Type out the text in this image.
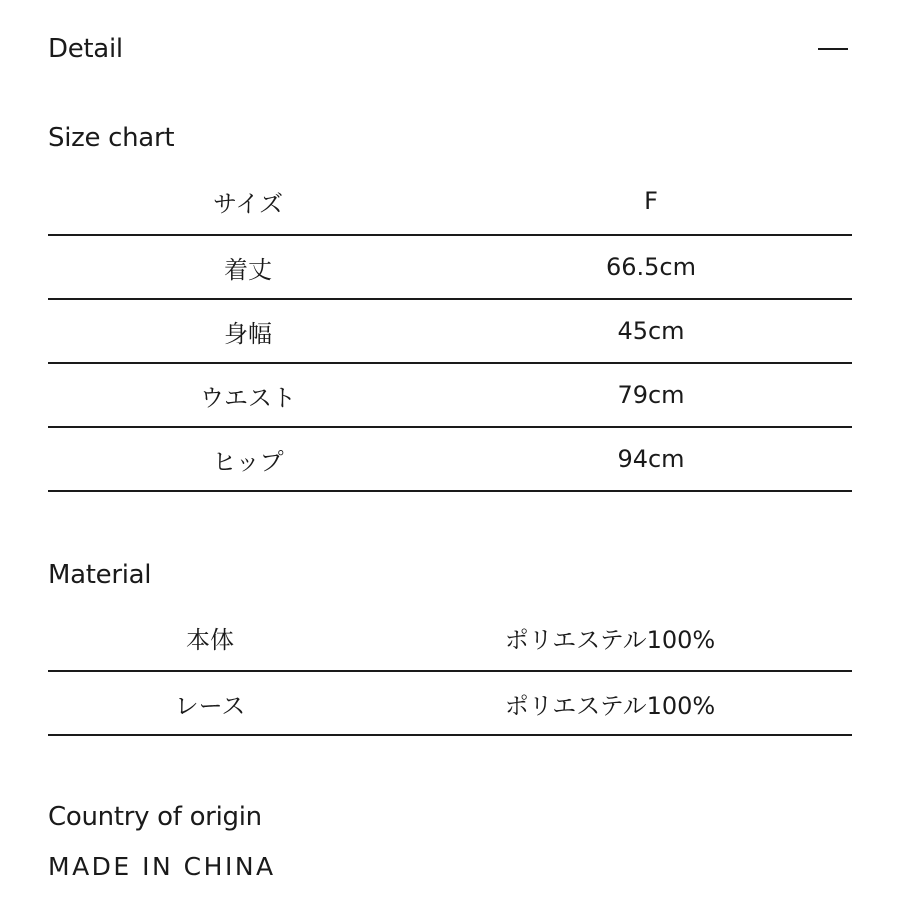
Detail
Size chart
サイズ	F
着丈	66.5cm
身幅	45cm
ウエスト	79cm
ヒップ	94cm
Material
本体	ポリエステル100%
レース	ポリエステル100%
Country of origin
MADE IN CHINA
